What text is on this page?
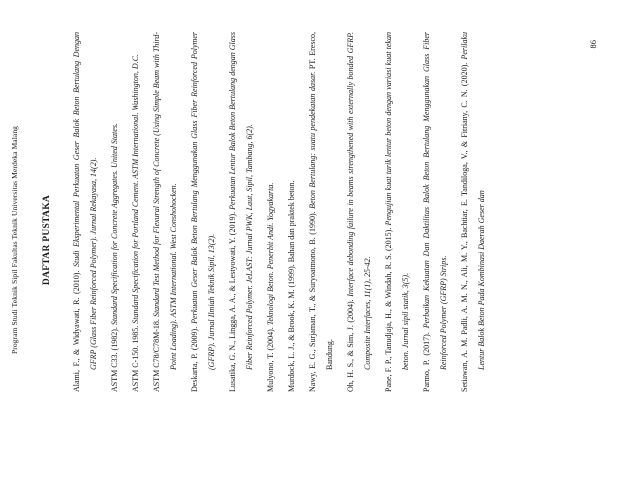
Program Studi Teknik Sipil Fakultas Teknik Universitas Merdeka Malang DAFTAR PUSTAKA

Alami, F., & Widyawati, R. (2010). Studi Eksperimental Perkuatan Geser Balok Beton Bertulang Dengan GFRP (Glass Fiber Reinforced Polymer). Jurnal Rekayasa, 14(2).	ASTM C33. (1982). Standard Specification for Concrete Aggregates. United States.

ASTM C-150. 1985. Standard Specification for Portland Cement. ASTM International. Washington, D.C.

ASTM C78/C78M-18. Standard Test Method for Flexural Strength of Concrete (Using Simple Beam with Third-Point Loading). ASTM International. West Conshohocken.	Deskarta, P. (2009). Perkuatan Geser Balok Beton Bertulang Menggunakan Glass Fiber Reinforced Polymer (GFRP). Jurnal Ilmiah Teknik Sipil, 13(2).	Lusatika, G. N., Lingga, A. A., & Lestyowati, Y. (2019). Perkuatan Lentur Balok Beton Bertulang dengan Glass Fiber Reinforced Polymer. JeLAST: Jurnal PWK, Laut, Sipil, Tambang, 6(2).	Mulyono, T. (2004). Teknologi Beton. Penerbit Andi. Yogyakarta.	Murdock, L. J., & Brook, K. M. (1999). Bahan dan praktek beton.	Nawy, E. G., Surjaman, T., & Suryoatmono, B. (1990). Beton Bertulang: suatu pendekatan dasar. PT. Eresco, Bandung.	Oh, H. S., & Sim, J. (2004). Interface debonding failure in beams strengthened with externally bonded GFRP. Composite Interfaces, 11(1), 25-42.	Pane, F. P., Tanudjaja, H., & Windah, R. S. (2015). Pengujian kuat tarik lentur beton dengan variasi kuat tekan beton. Jurnal sipil statik, 3(5).	Parmo, P. (2017). Perbaikan Kekuatan Dan Daktilitas Balok Beton Bertulang Menggunakan Glass Fiber Reinforced Polymer (GFRP) Strips.	Setiawan, A. M. Padli, A. M. N., Ali, M. Y., Bachtiar, E. Tandiloga, V., & Fitriany, C. N. (2020). Perilaku Lentur Balok Beton Pada Kombinasi Daerah Geser dan

86
